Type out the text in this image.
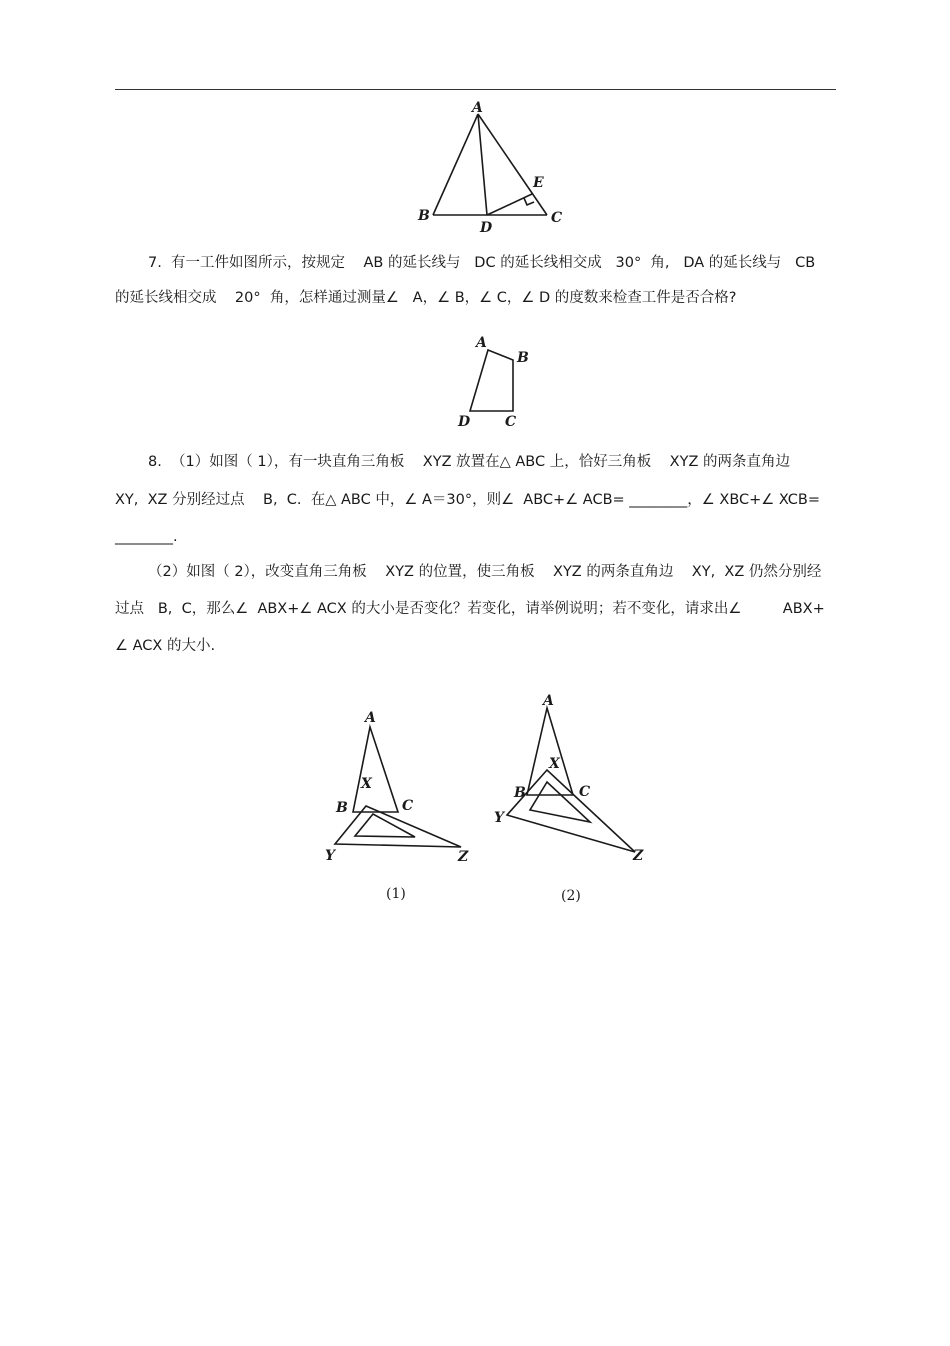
A
B	C
D
E
7.  有一工件如图所示，按规定    AB 的延长线与   DC 的延长线相交成   30°  角,   DA 的延长线与   CB
的延长线相交成    20°  角，怎样通过测量∠   A，∠ B，∠ C，∠ D 的度数来检查工件是否合格?
A
B
C
D
8.  （1）如图（ 1），有一块直角三角板    XYZ 放置在△ ABC 上，恰好三角板    XYZ 的两条直角边
XY,  XZ 分别经过点    B,  C.  在△ ABC 中，∠ A＝30°，则∠  ABC+∠ ACB= ________，∠ XBC+∠ XCB=
________.
（2）如图（ 2），改变直角三角板    XYZ 的位置，使三角板    XYZ 的两条直角边    XY,  XZ 仍然分别经
过点   B,  C，那么∠  ABX+∠ ACX 的大小是否变化？若变化，请举例说明；若不变化，请求出∠         ABX+
∠ ACX 的大小.
A
B	C
X
Y	Z
(1)
A
B	C
X
Y
Z
(2)
